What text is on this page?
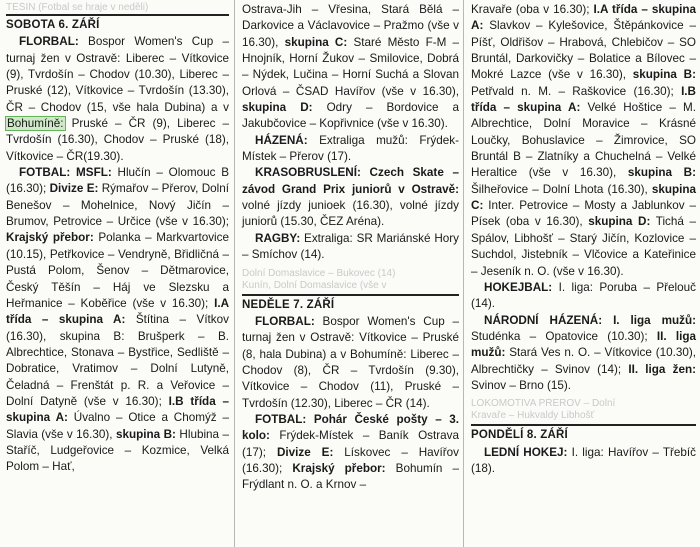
TĚŠÍN (Fotbal se hraje v neděli)

SOBOTA 6. ZÁŘÍ

FLORBAL: Bospor Women's Cup – turnaj žen v Ostravě: Liberec – Vítkovice (9), Tvrdošín – Chodov (10.30), Liberec – Pruské (12), Vítkovice – Tvrdošín (13.30), ČR – Chodov (15, vše hala Dubina) a v Bohumíně: Pruské – ČR (9), Liberec – Tvrdošín (16.30), Chodov – Pruské (18), Vítkovice – ČR(19.30).

FOTBAL: MSFL: Hlučín – Olomouc B (16.30); Divize E: Rýmařov – Přerov, Dolní Benešov – Mohelnice, Nový Jičín – Brumov, Petrovice – Určice (vše v 16.30); Krajský přebor: Polanka – Markvartovice (10.15), Petřkovice – Vendryně, Břidličná – Pustá Polom, Šenov – Dětmarovice, Český Těšín – Háj ve Slezsku a Heřmanice – Koběřice (vše v 16.30); I.A třída – skupina A: Štítina – Vítkov (16.30), skupina B: Brušperk – B. Albrechtice, Stonava – Bystřice, Sedliště – Dobratice, Vratimov – Dolní Lutyně, Čeladná – Frenštát p. R. a Veřovice – Dolní Datyně (vše v 16.30); I.B třída – skupina A: Úvalno – Otice a Chomýž – Slavia (vše v 16.30), skupina B: Hlubina – Staříč, Ludgeřovice – Kozmice, Velká Polom – Hať,

Ostrava-Jih – Vřesina, Stará Bělá – Darkovice a Václavovice – Pražmo (vše v 16.30), skupina C: Staré Město F-M – Hnojník, Horní Žukov – Smilovice, Dobrá – Nýdek, Lučina – Horní Suchá a Slovan Orlová – ČSAD Havířov (vše v 16.30), skupina D: Odry – Bordovice a Jakubčovice – Kopřivnice (vše v 16.30).

HÁZENÁ: Extraliga mužů: Frýdek-Místek – Přerov (17).

KRASOBRUSLENÍ: Czech Skate – závod Grand Prix juniorů v Ostravě: volné jízdy junioek (16.30), volné jízdy juniorů (15.30, ČEZ Aréna).

RAGBY: Extraliga: SR Mariánské Hory – Smíchov (14).

Dolní Domaslavice – Bukovec (14)

Kunín, Dolní Domaslavice (vše v

NEDĚLE 7. ZÁŘÍ

FLORBAL: Bospor Women's Cup – turnaj žen v Ostravě: Vítkovice – Pruské (8, hala Dubina) a v Bohumíně: Liberec – Chodov (8), ČR – Tvrdošín (9.30), Vítkovice – Chodov (11), Pruské – Tvrdošín (12.30), Liberec – ČR (14).

FOTBAL: Pohár České pošty – 3. kolo: Frýdek-Místek – Baník Ostrava (17); Divize E: Lískovec – Havířov (16.30); Krajský přebor: Bohumín – Frýdlant n. O. a Krnov –

Kravaře (oba v 16.30); I.A třída – skupina A: Slavkov – Kylešovice, Štěpánkovice – Píšť, Oldřišov – Hrabová, Chlebičov – SO Bruntál, Darkovičky – Bolatice a Bílovec – Mokré Lazce (vše v 16.30), skupina B: Petřvald n. M. – Raškovice (16.30); I.B třída – skupina A: Velké Hoštice – M. Albrechtice, Dolní Moravice – Krásné Loučky, Bohuslavice – Žimrovice, SO Bruntál B – Zlatníky a Chuchelná – Velké Heraltice (vše v 16.30), skupina B: Šilheřovice – Dolní Lhota (16.30), skupina C: Inter. Petrovice – Mosty a Jablunkov – Písek (oba v 16.30), skupina D: Tichá – Spálov, Libhošť – Starý Jičín, Kozlovice – Suchdol, Jistebník – Vlčovice a Kateřinice – Jeseník n. O. (vše v 16.30).

HOKEJBAL: I. liga: Poruba – Přelouč (14).

NÁRODNÍ HÁZENÁ: I. liga mužů: Studénka – Opatovice (10.30); II. liga mužů: Stará Ves n. O. – Vítkovice (10.30), Albrechtičky – Svinov (14); II. liga žen: Svinov – Brno (15).

LOKOMOTIVA PŘEROV – Dolní

Kravaře – Hukvaldy Libhošť

PONDĚLÍ 8. ZÁŘÍ

LEDNÍ HOKEJ: I. liga: Havířov – Třebíč (18).
